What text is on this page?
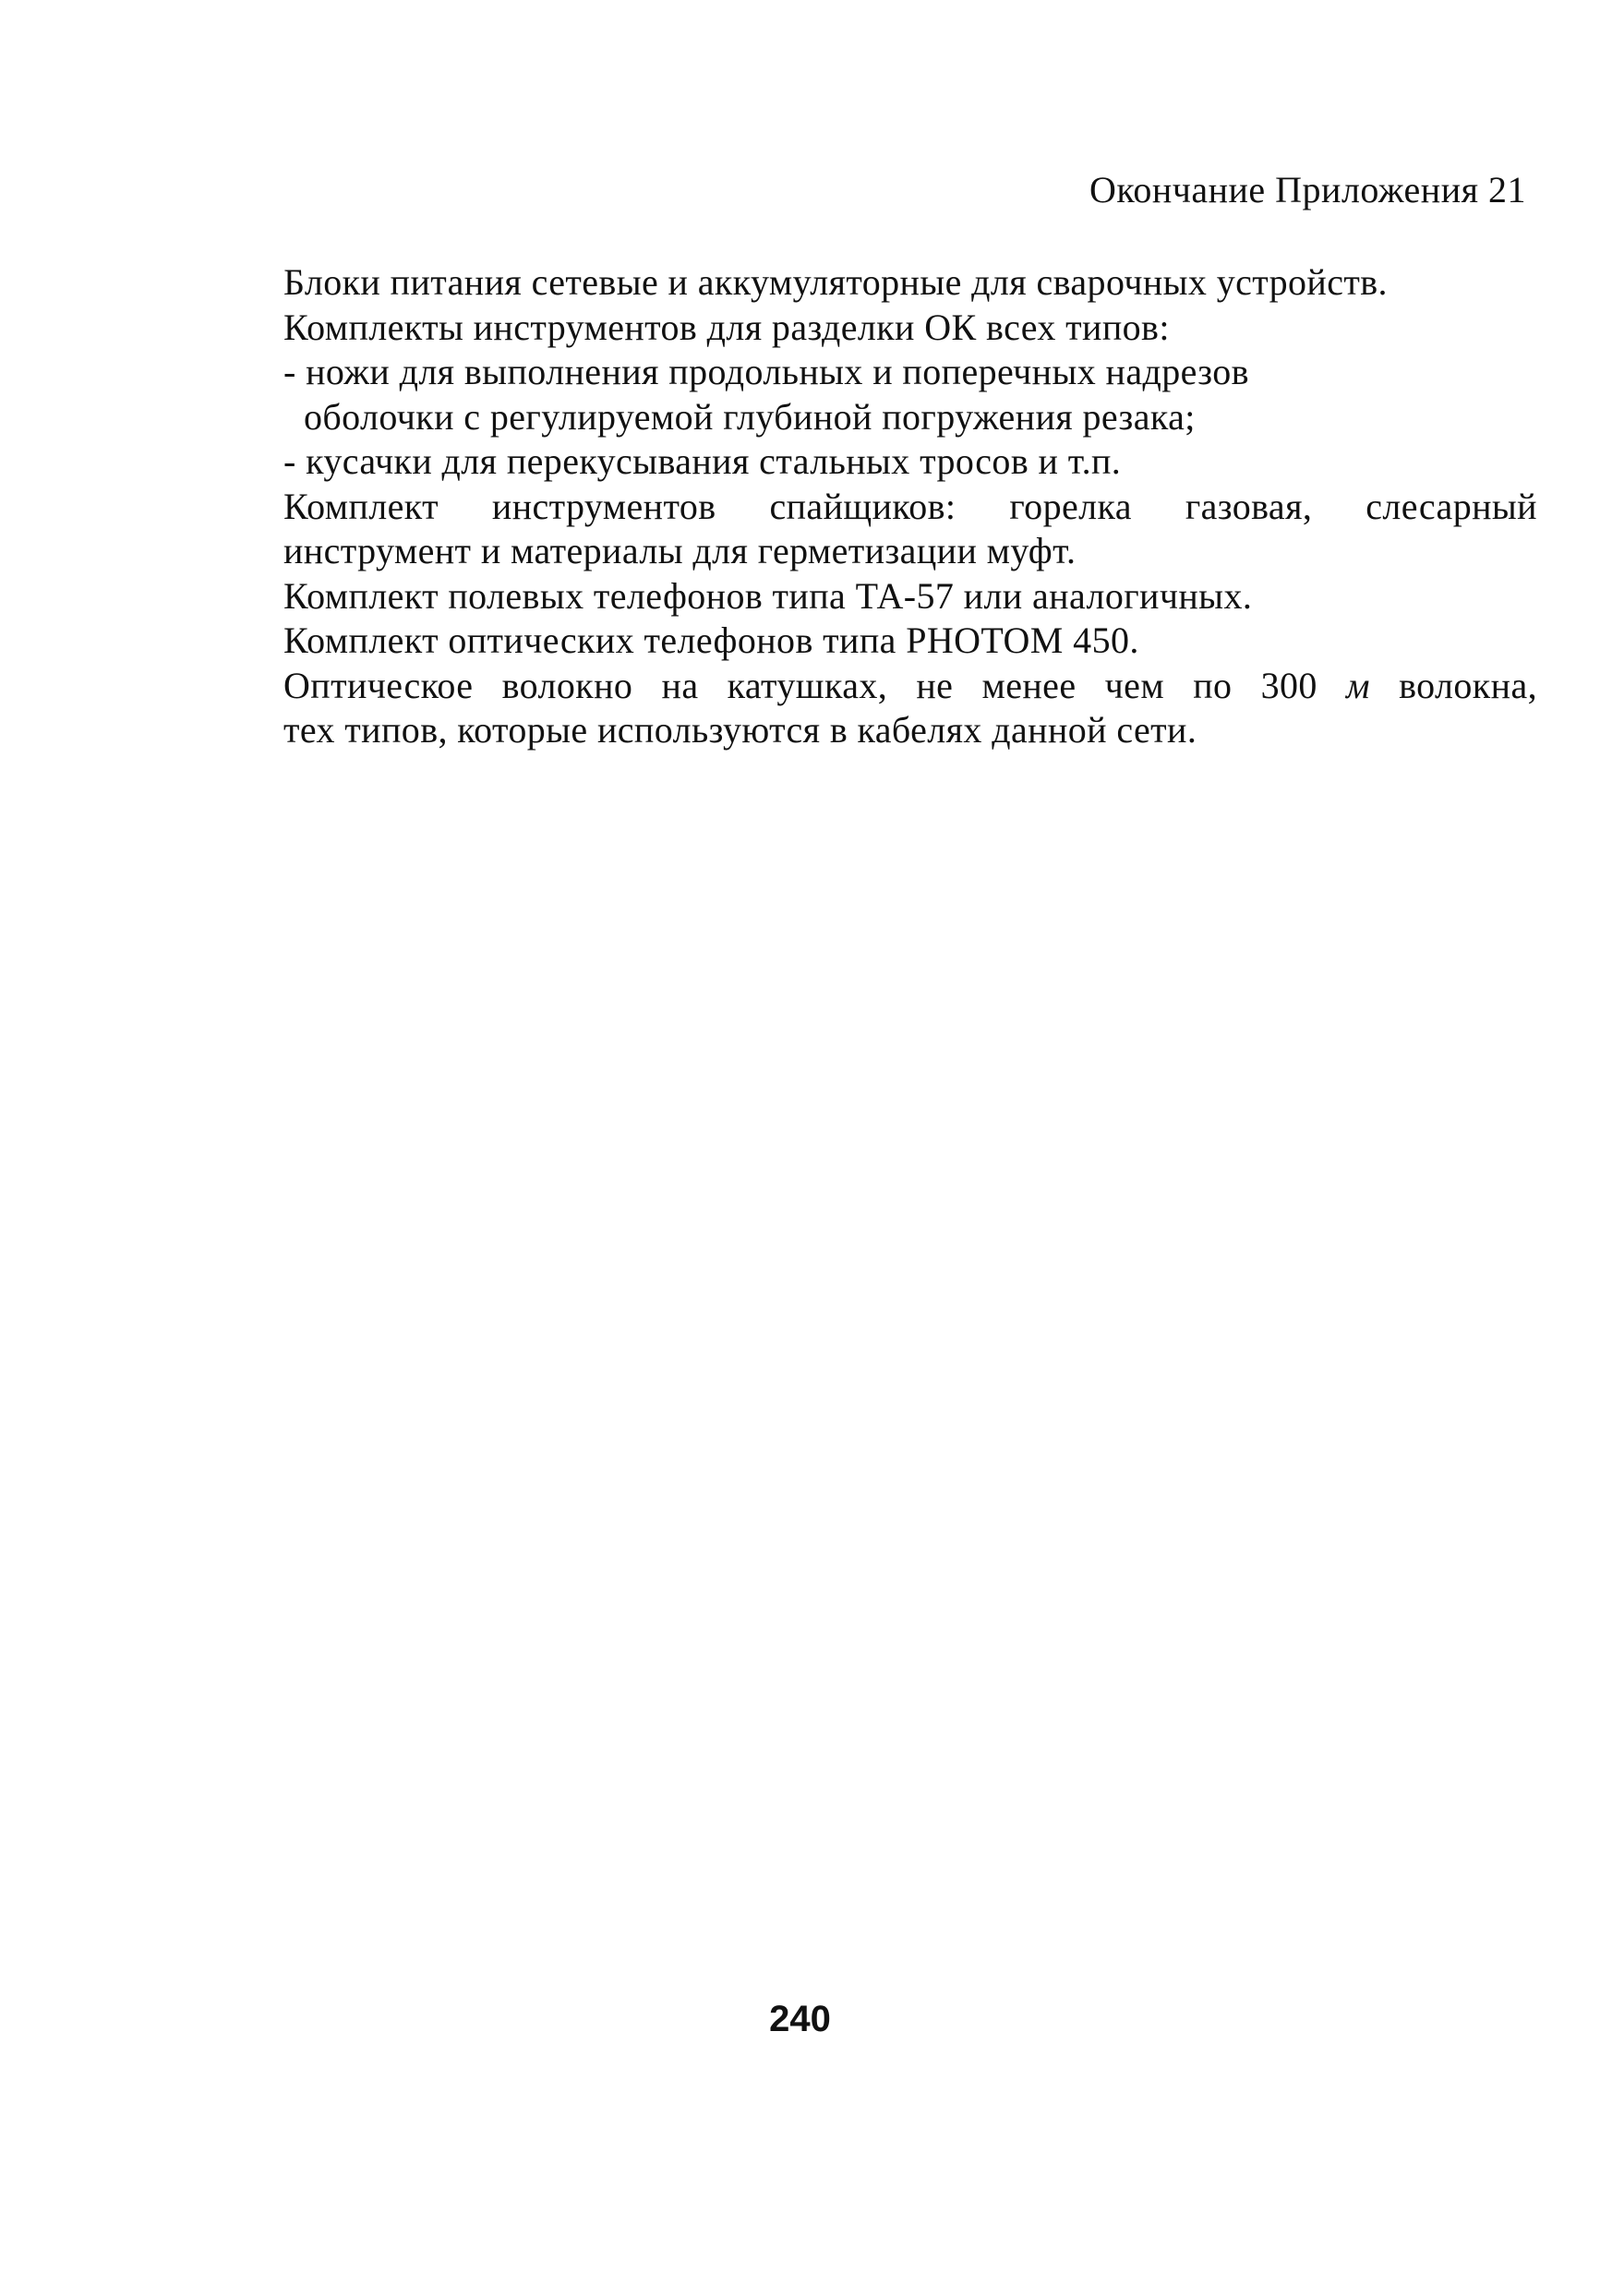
Окончание Приложения 21
Блоки питания сетевые и аккумуляторные для сварочных устройств.
Комплекты инструментов для разделки ОК всех типов:
- ножи для выполнения продольных и поперечных надрезов
оболочки с регулируемой глубиной погружения резака;
- кусачки для перекусывания стальных тросов и т.п.
Комплект инструментов спайщиков: горелка газовая, слесарный
инструмент и материалы для герметизации муфт.
Комплект полевых телефонов типа ТА-57 или аналогичных.
Комплект оптических телефонов типа PHOTOM 450.
Оптическое волокно на катушках, не менее чем по 300 м волокна,
тех типов, которые используются в кабелях данной сети.
240
